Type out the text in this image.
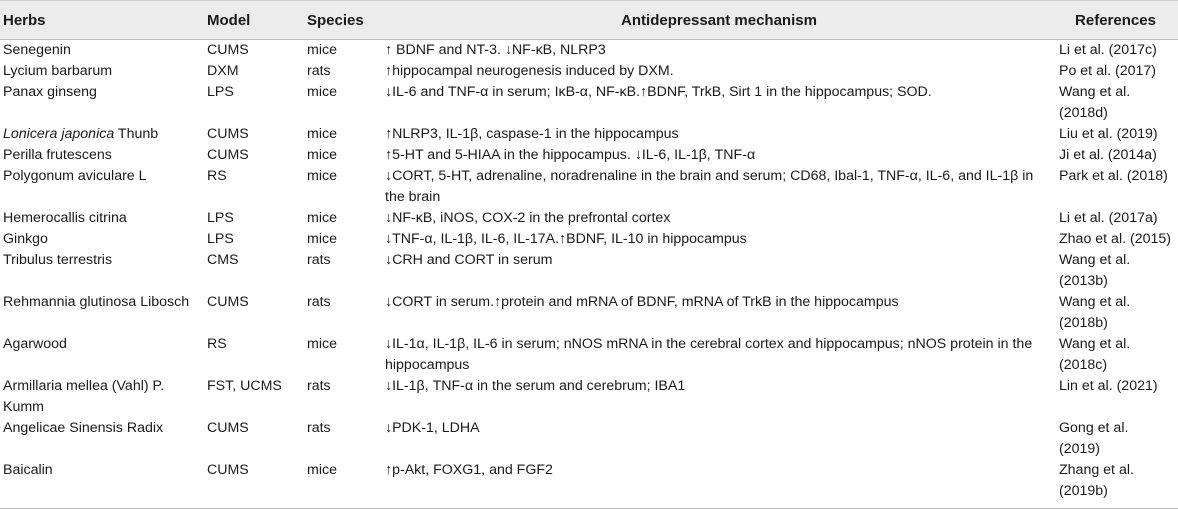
Herbs	Model	Species	Antidepressant mechanism	References
Senegenin	CUMS	mice	↑ BDNF and NT-3. ↓NF-κB, NLRP3	Li et al. (2017c)
Lycium barbarum	DXM	rats	↑hippocampal neurogenesis induced by DXM.	Po et al. (2017)
Panax ginseng	LPS	mice	↓IL-6 and TNF-α in serum; IκB-α, NF-κB.↑BDNF, TrkB, Sirt 1 in the hippocampus; SOD.	Wang et al. (2018d)
Lonicera japonica Thunb	CUMS	mice	↑NLRP3, IL-1β, caspase-1 in the hippocampus	Liu et al. (2019)
Perilla frutescens	CUMS	mice	↑5-HT and 5-HIAA in the hippocampus. ↓IL-6, IL-1β, TNF-α	Ji et al. (2014a)
Polygonum aviculare L	RS	mice	↓CORT, 5-HT, adrenaline, noradrenaline in the brain and serum; CD68, Ibal-1, TNF-α, IL-6, and IL-1β in the brain	Park et al. (2018)
Hemerocallis citrina	LPS	mice	↓NF-κB, iNOS, COX-2 in the prefrontal cortex	Li et al. (2017a)
Ginkgo	LPS	mice	↓TNF-α, IL-1β, IL-6, IL-17A.↑BDNF, IL-10 in hippocampus	Zhao et al. (2015)
Tribulus terrestris	CMS	rats	↓CRH and CORT in serum	Wang et al. (2013b)
Rehmannia glutinosa Libosch	CUMS	rats	↓CORT in serum.↑protein and mRNA of BDNF, mRNA of TrkB in the hippocampus	Wang et al. (2018b)
Agarwood	RS	mice	↓IL-1α, IL-1β, IL-6 in serum; nNOS mRNA in the cerebral cortex and hippocampus; nNOS protein in the hippocampus	Wang et al. (2018c)
Armillaria mellea (Vahl) P. Kumm	FST, UCMS	rats	↓IL-1β, TNF-α in the serum and cerebrum; IBA1	Lin et al. (2021)
Angelicae Sinensis Radix	CUMS	rats	↓PDK-1, LDHA	Gong et al. (2019)
Baicalin	CUMS	mice	↑p-Akt, FOXG1, and FGF2	Zhang et al. (2019b)
